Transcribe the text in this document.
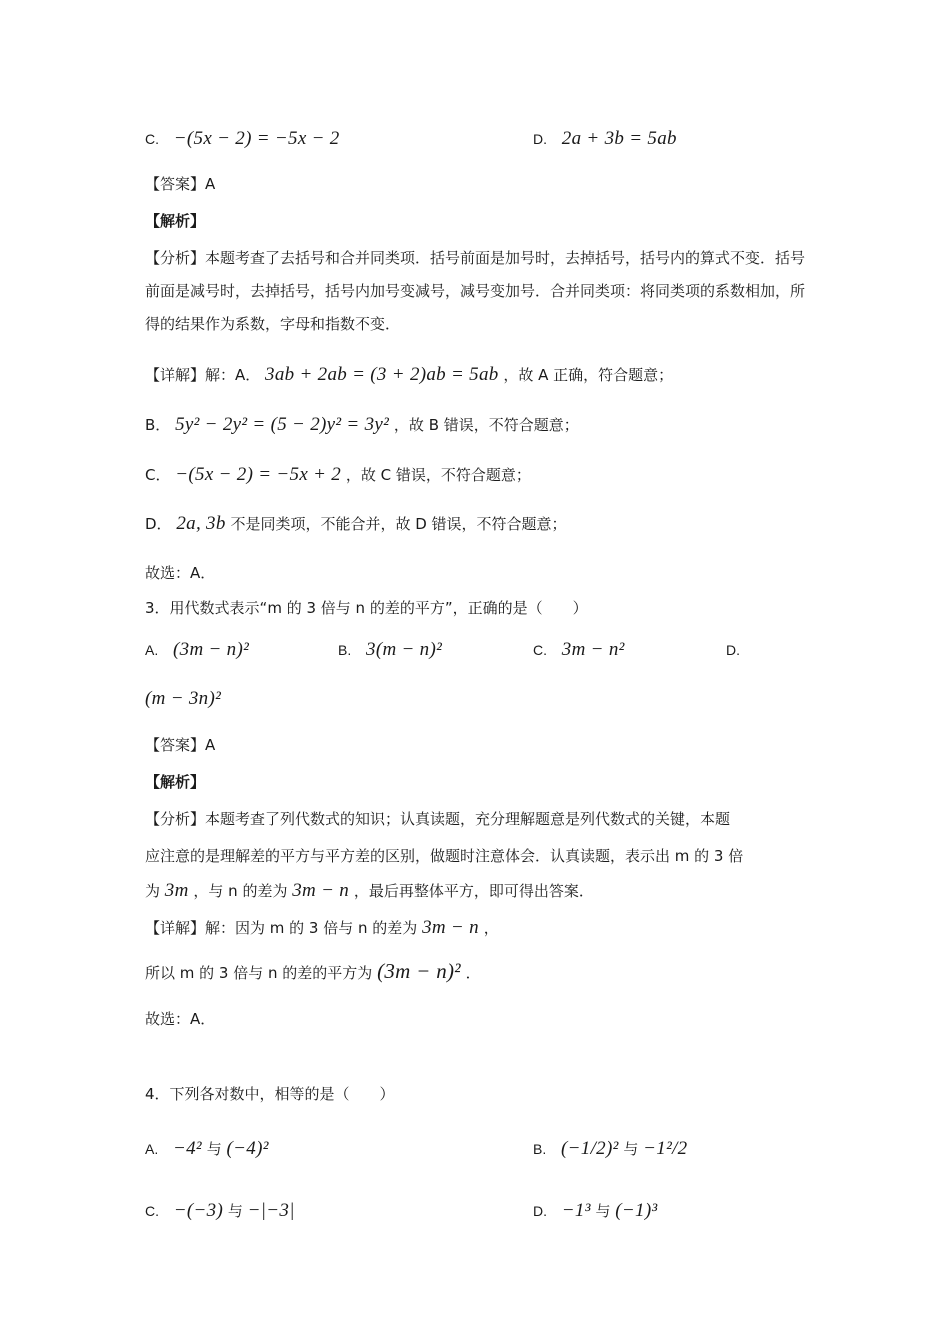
C. −(5x − 2) = −5x − 2	D. 2a + 3b = 5ab
【答案】A
【解析】
【分析】本题考查了去括号和合并同类项．括号前面是加号时，去掉括号，括号内的算式不变．括号前面是减号时，去掉括号，括号内加号变减号，减号变加号．合并同类项：将同类项的系数相加，所得的结果作为系数，字母和指数不变．
【详解】解：A． 3ab + 2ab = (3 + 2)ab = 5ab ，故 A 正确，符合题意；
B． 5y² − 2y² = (5 − 2)y² = 3y² ，故 B 错误，不符合题意；
C． −(5x − 2) = −5x + 2 ，故 C 错误，不符合题意；
D． 2a, 3b 不是同类项，不能合并，故 D 错误，不符合题意；
故选：A．
3．用代数式表示“m 的 3 倍与 n 的差的平方”，正确的是（　　）
A. (3m − n)²	B. 3(m − n)²	C. 3m − n²	D.
(m − 3n)²
【答案】A
【解析】
【分析】本题考查了列代数式的知识；认真读题，充分理解题意是列代数式的关键，本题
应注意的是理解差的平方与平方差的区别，做题时注意体会．认真读题，表示出 m 的 3 倍
为 3m ，与 n 的差为 3m − n ，最后再整体平方，即可得出答案．
【详解】解：因为 m 的 3 倍与 n 的差为 3m − n ，
所以 m 的 3 倍与 n 的差的平方为 (3m − n)² ．
故选：A．
4．下列各对数中，相等的是（　　）
A. −4² 与 (−4)²	B. (−1/2)² 与 −1²/2
C. −(−3) 与 −|−3|	D. −1³ 与 (−1)³
